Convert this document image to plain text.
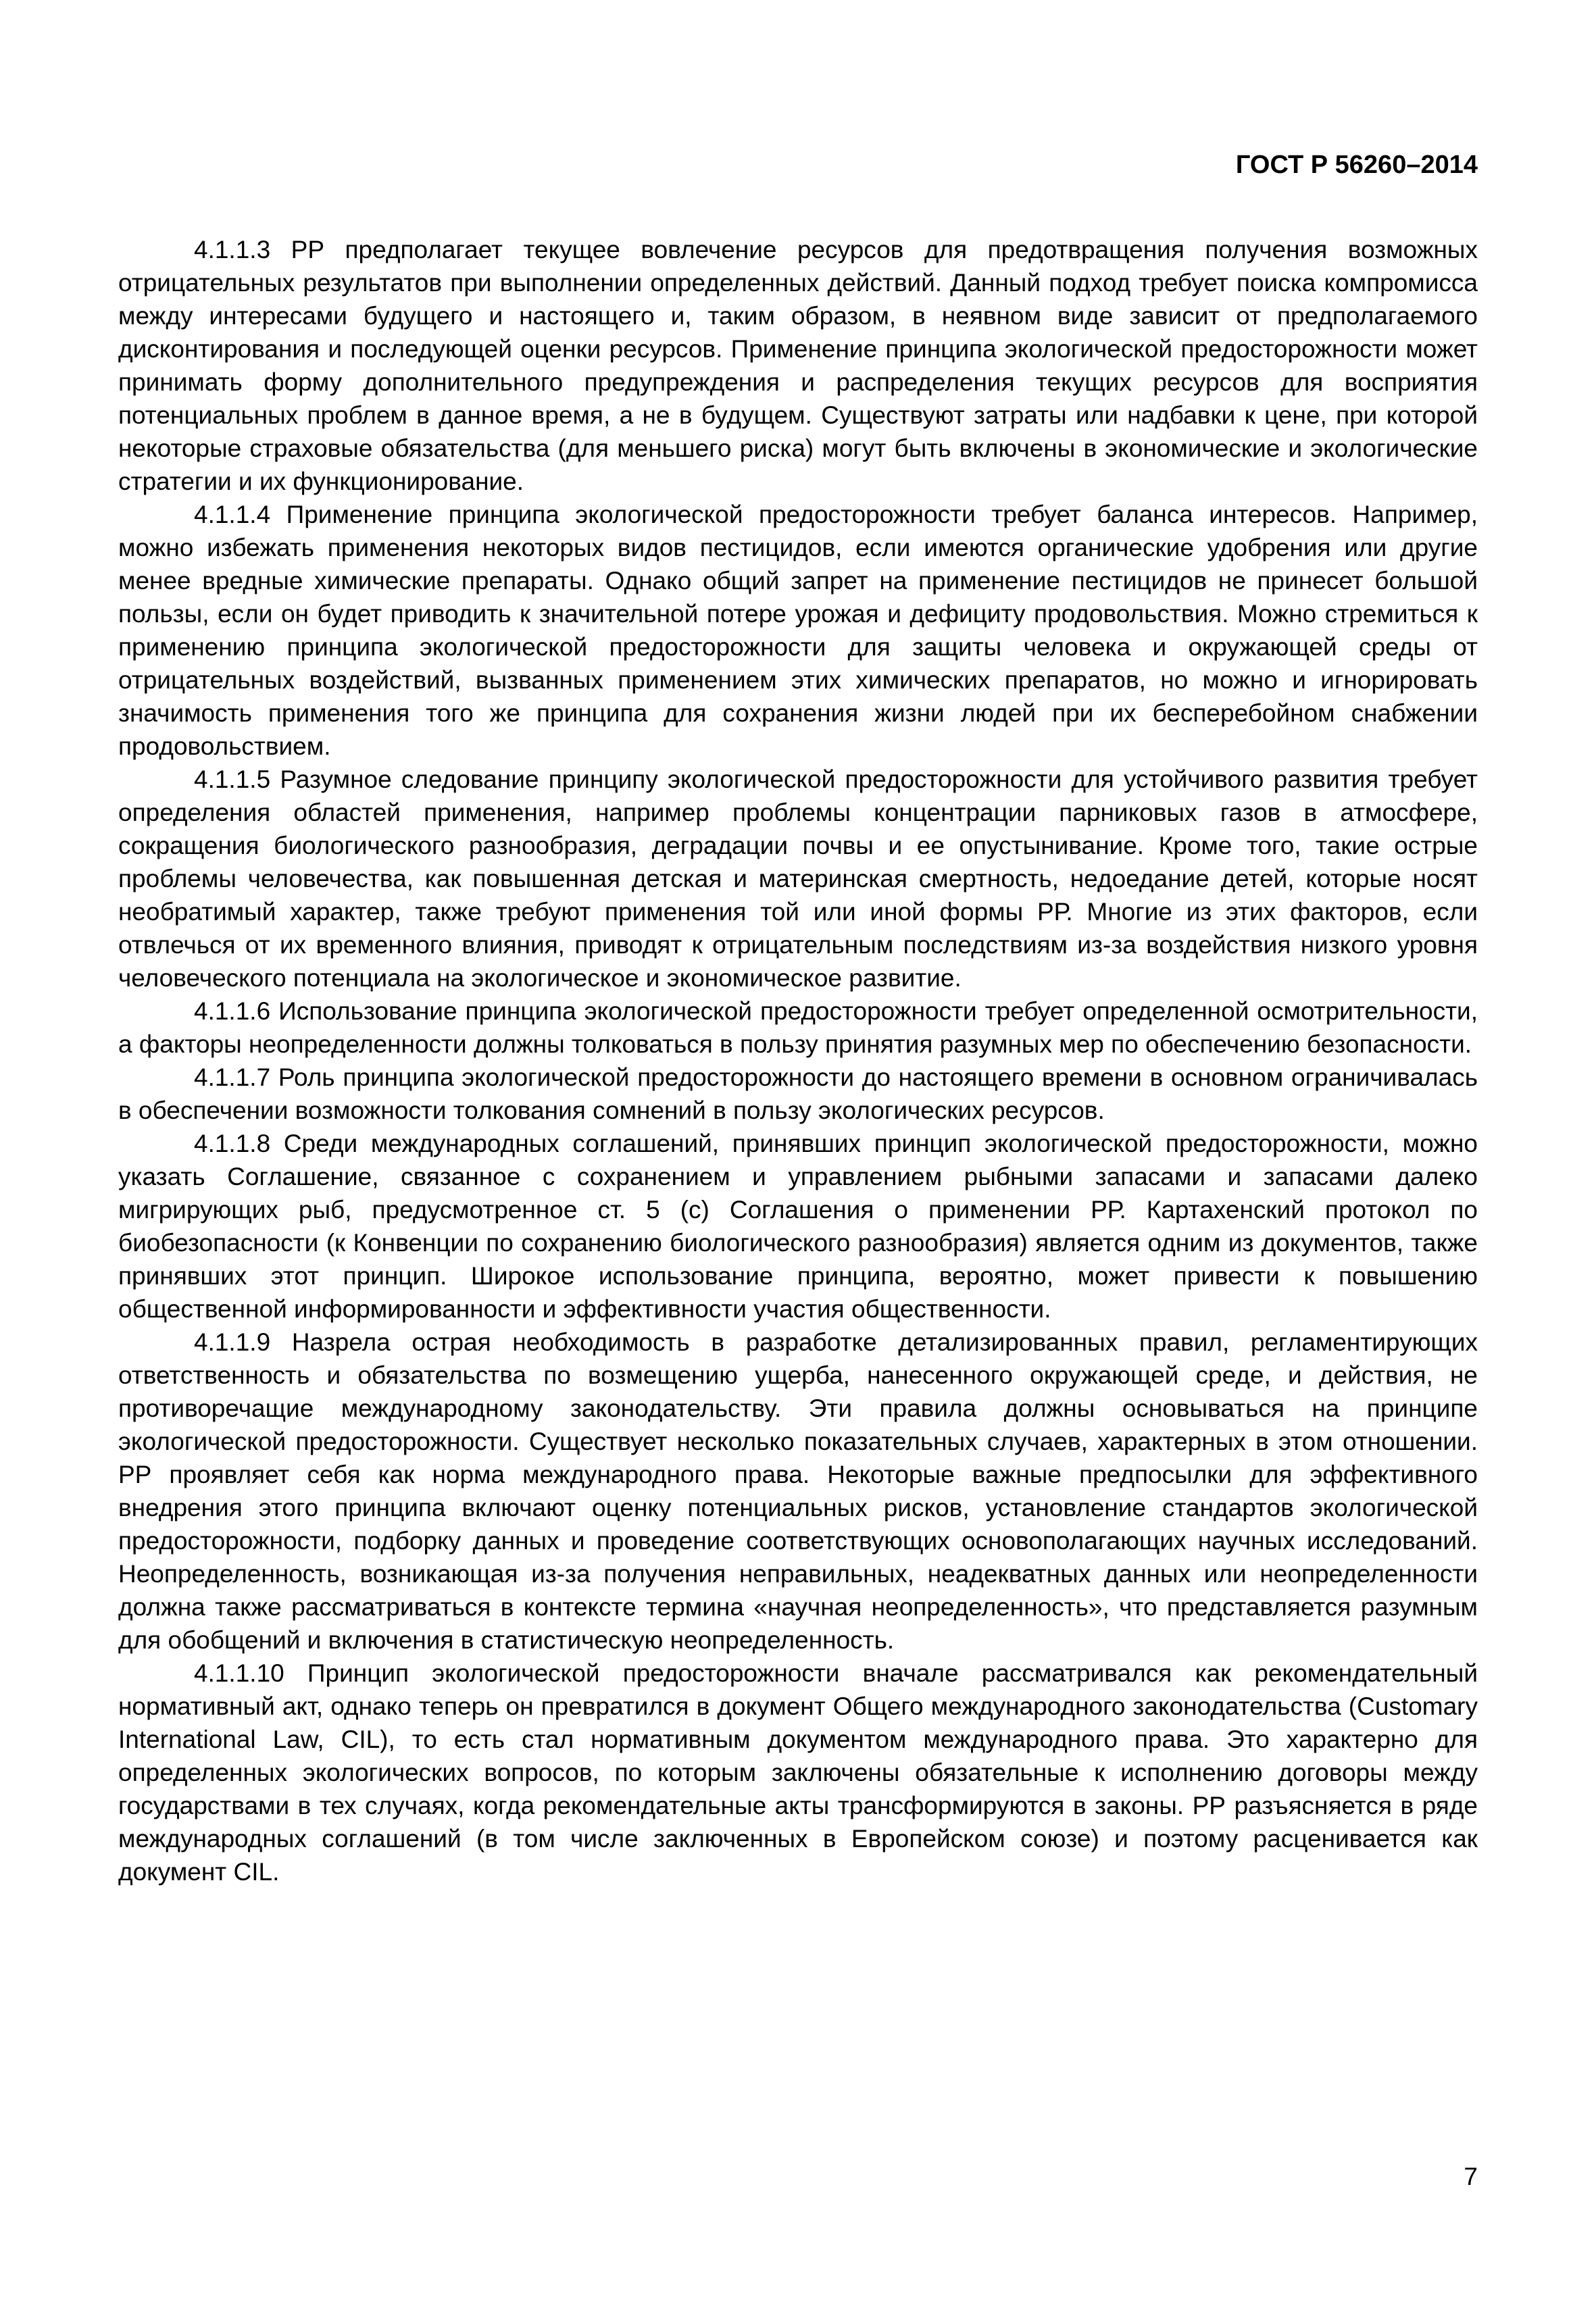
ГОСТ Р 56260–2014

4.1.1.3 РР предполагает текущее вовлечение ресурсов для предотвращения получения возможных отрицательных результатов при выполнении определенных действий. Данный подход требует поиска компромисса между интересами будущего и настоящего и, таким образом, в неявном виде зависит от предполагаемого дисконтирования и последующей оценки ресурсов. Применение принципа экологической предосторожности может принимать форму дополнительного предупреждения и распределения текущих ресурсов для восприятия потенциальных проблем в данное время, а не в будущем. Существуют затраты или надбавки к цене, при которой некоторые страховые обязательства (для меньшего риска) могут быть включены в экономические и экологические стратегии и их функционирование.

4.1.1.4 Применение принципа экологической предосторожности требует баланса интересов. Например, можно избежать применения некоторых видов пестицидов, если имеются органические удобрения или другие менее вредные химические препараты. Однако общий запрет на применение пестицидов не принесет большой пользы, если он будет приводить к значительной потере урожая и дефициту продовольствия. Можно стремиться к применению принципа экологической предосторожности для защиты человека и окружающей среды от отрицательных воздействий, вызванных применением этих химических препаратов, но можно и игнорировать значимость применения того же принципа для сохранения жизни людей при их бесперебойном снабжении продовольствием.

4.1.1.5 Разумное следование принципу экологической предосторожности для устойчивого развития требует определения областей применения, например проблемы концентрации парниковых газов в атмосфере, сокращения биологического разнообразия, деградации почвы и ее опустынивание. Кроме того, такие острые проблемы человечества, как повышенная детская и материнская смертность, недоедание детей, которые носят необратимый характер, также требуют применения той или иной формы РР. Многие из этих факторов, если отвлечься от их временного влияния, приводят к отрицательным последствиям из-за воздействия низкого уровня человеческого потенциала на экологическое и экономическое развитие.

4.1.1.6 Использование принципа экологической предосторожности требует определенной осмотрительности, а факторы неопределенности должны толковаться в пользу принятия разумных мер по обеспечению безопасности.

4.1.1.7 Роль принципа экологической предосторожности до настоящего времени в основном ограничивалась в обеспечении возможности толкования сомнений в пользу экологических ресурсов.

4.1.1.8 Среди международных соглашений, принявших принцип экологической предосторожности, можно указать Соглашение, связанное с сохранением и управлением рыбными запасами и запасами далеко мигрирующих рыб, предусмотренное ст. 5 (с) Соглашения о применении РР. Картахенский протокол по биобезопасности (к Конвенции по сохранению биологического разнообразия) является одним из документов, также принявших этот принцип. Широкое использование принципа, вероятно, может привести к повышению общественной информированности и эффективности участия общественности.

4.1.1.9 Назрела острая необходимость в разработке детализированных правил, регламентирующих ответственность и обязательства по возмещению ущерба, нанесенного окружающей среде, и действия, не противоречащие международному законодательству. Эти правила должны основываться на принципе экологической предосторожности. Существует несколько показательных случаев, характерных в этом отношении. РР проявляет себя как норма международного права. Некоторые важные предпосылки для эффективного внедрения этого принципа включают оценку потенциальных рисков, установление стандартов экологической предосторожности, подборку данных и проведение соответствующих основополагающих научных исследований. Неопределенность, возникающая из-за получения неправильных, неадекватных данных или неопределенности должна также рассматриваться в контексте термина «научная неопределенность», что представляется разумным для обобщений и включения в статистическую неопределенность.

4.1.1.10 Принцип экологической предосторожности вначале рассматривался как рекомендательный нормативный акт, однако теперь он превратился в документ Общего международного законодательства (Customary International Law, CIL), то есть стал нормативным документом международного права. Это характерно для определенных экологических вопросов, по которым заключены обязательные к исполнению договоры между государствами в тех случаях, когда рекомендательные акты трансформируются в законы. РР разъясняется в ряде международных соглашений (в том числе заключенных в Европейском союзе) и поэтому расценивается как документ CIL.

7
